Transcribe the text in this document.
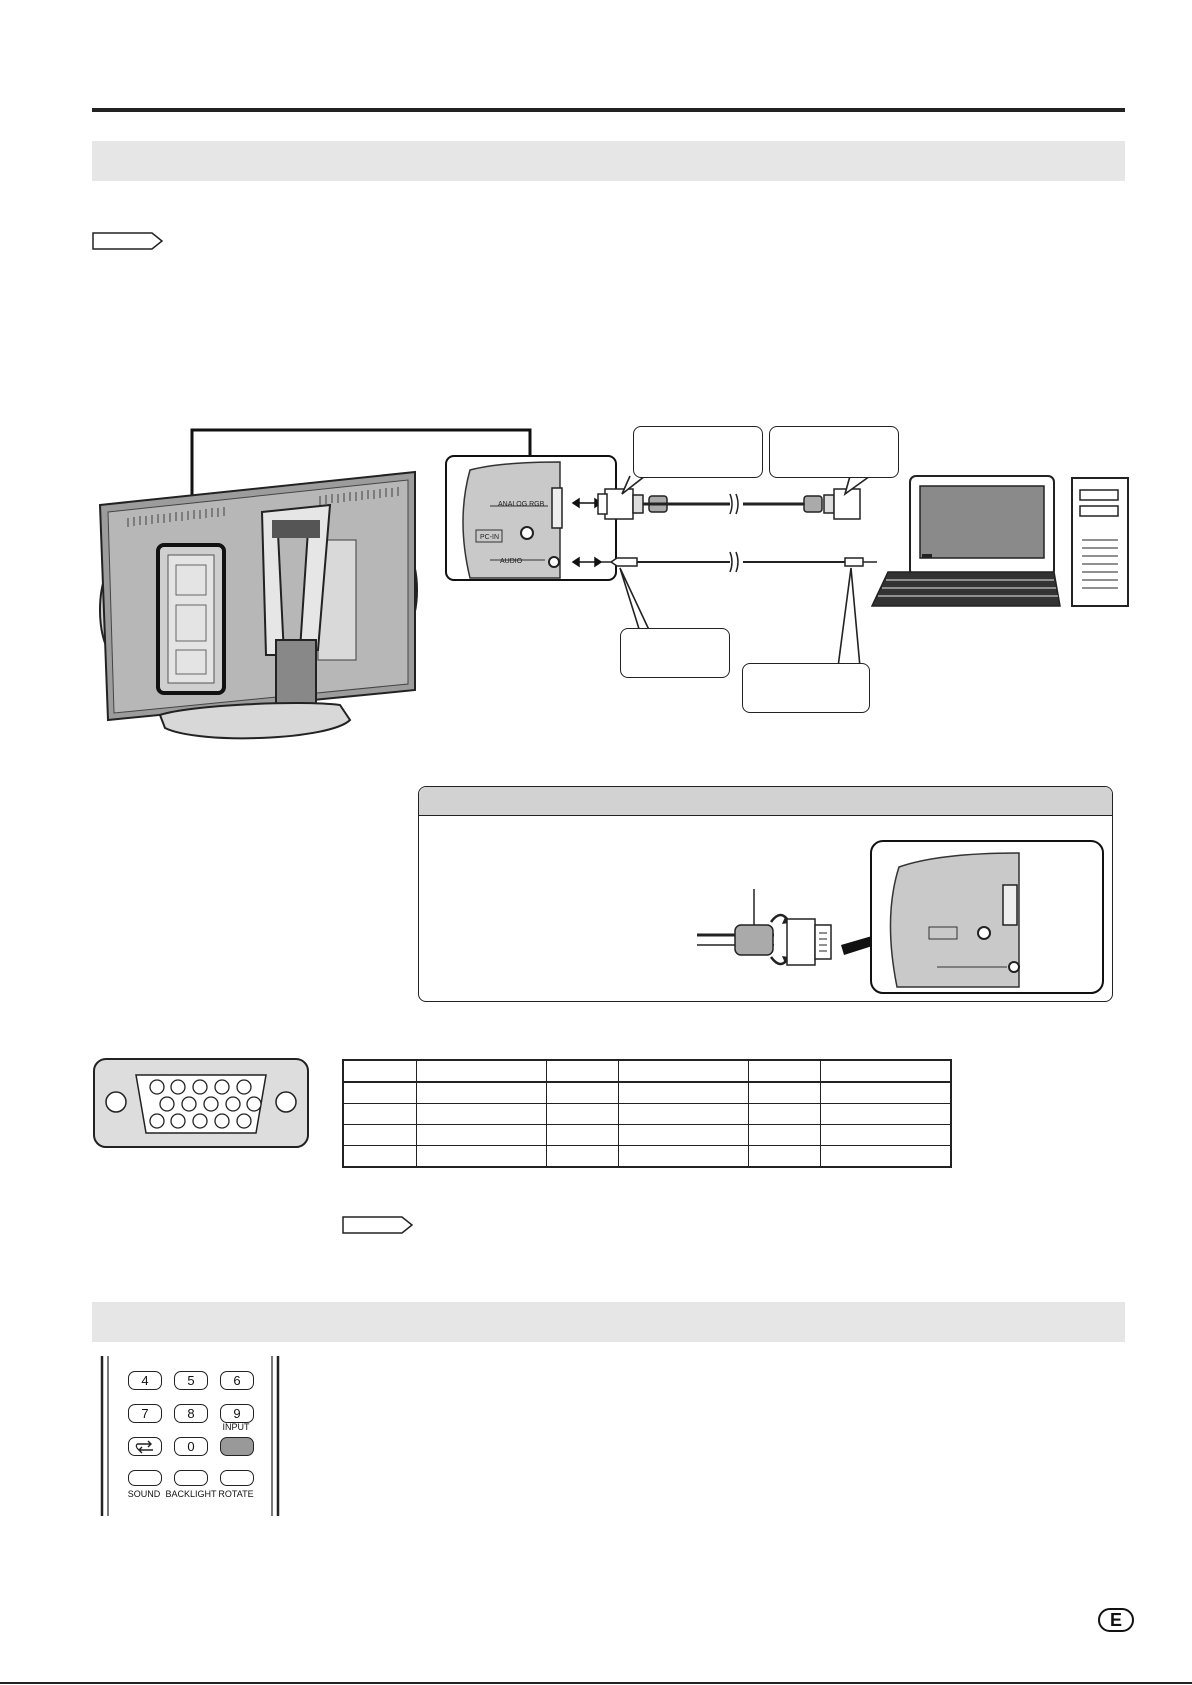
ANALOG RGB
PC-IN
AUDIO

4	5	6
7	8	9
INPUT
0
SOUND BACKLIGHT ROTATE
E
